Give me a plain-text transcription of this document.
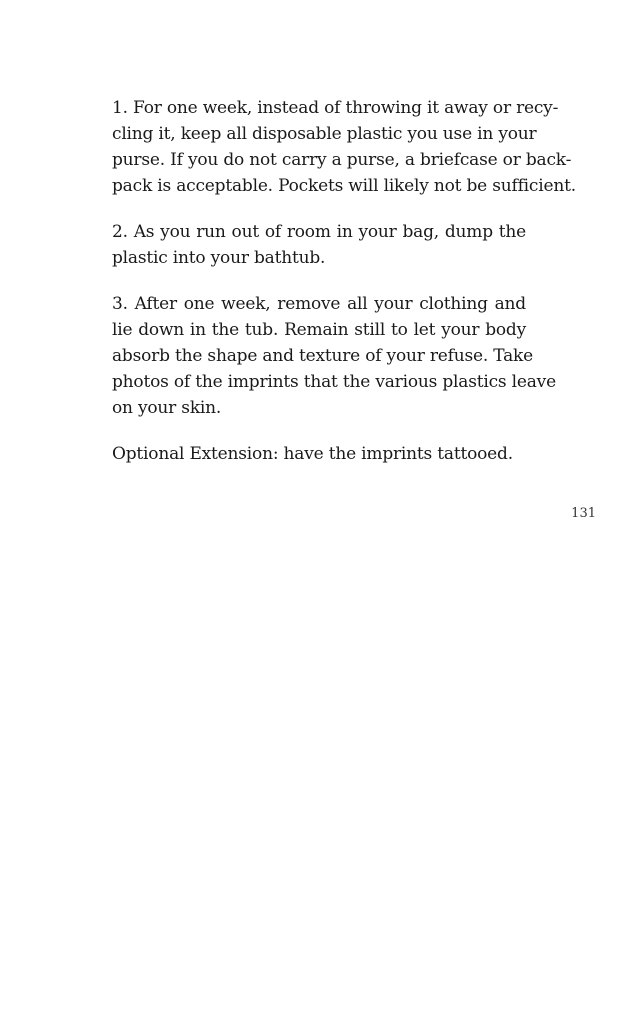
1. For one week, instead of throwing it away or recy-
cling it, keep all disposable plastic you use in your
purse. If you do not carry a purse, a briefcase or back-
pack is acceptable. Pockets will likely not be sufficient.

2. As you run out of room in your bag, dump the
plastic into your bathtub.

3. After one week, remove all your clothing and
lie down in the tub. Remain still to let your body
absorb the shape and texture of your refuse. Take
photos of the imprints that the various plastics leave
on your skin.

Optional Extension: have the imprints tattooed.

131
